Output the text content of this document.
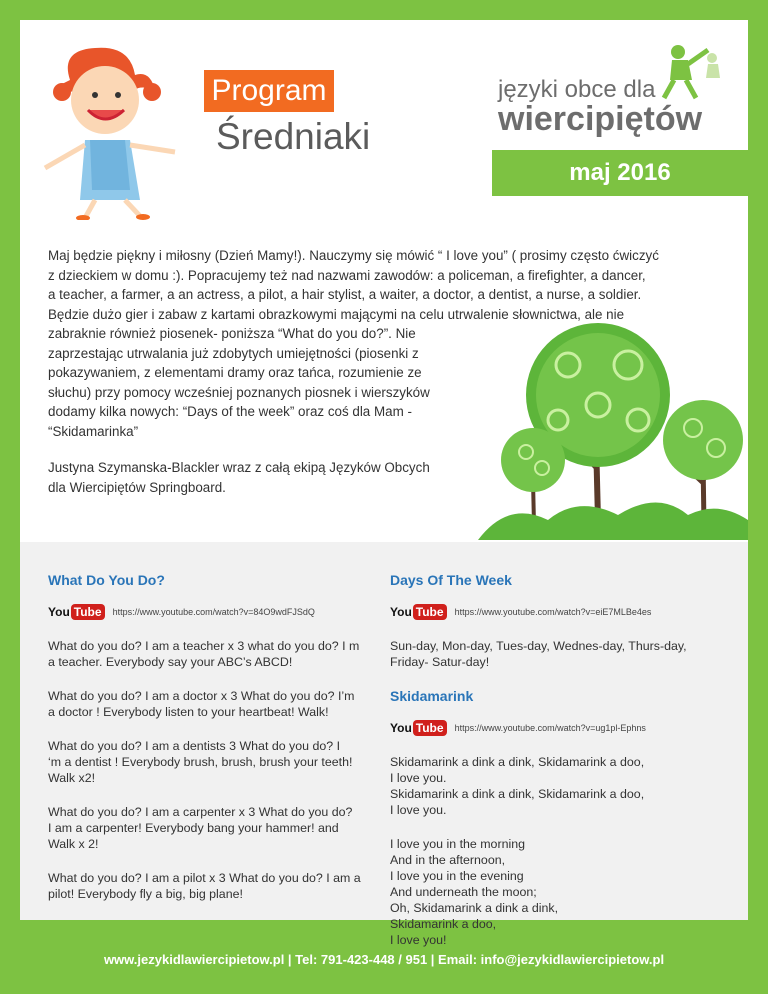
Program
Średniaki
języki obce dla
wiercipiętów
maj 2016

Maj będzie piękny i miłosny (Dzień Mamy!). Nauczymy się mówić “ I love you” ( prosimy często ćwiczyć
z dzieckiem w domu :). Popracujemy też nad nazwami zawodów: a policeman, a firefighter, a dancer,
a teacher, a farmer, a an actress, a pilot, a hair stylist, a waiter, a doctor, a dentist, a nurse, a soldier.
Będzie dużo gier i zabaw z kartami obrazkowymi mającymi na celu utrwalenie słownictwa, ale nie
zabraknie również piosenek- poniższa “What do you do?”. Nie
zaprzestając utrwalania już zdobytych umiejętności (piosenki z
pokazywaniem, z elementami dramy oraz tańca, rozumienie ze
słuchu) przy pomocy wcześniej poznanych piosnek i wierszyków
dodamy kilka nowych: “Days of the week” oraz coś dla Mam -
“Skidamarinka”

Justyna Szymanska-Blackler wraz z całą ekipą Języków Obcych
dla Wiercipiętów Springboard.
What Do You Do?
You Tube	https://www.youtube.com/watch?v=84O9wdFJSdQ
What do you do? I am a teacher x 3 what do you do? I m
a teacher. Everybody say your ABC’s ABCD!
What do you do? I am a doctor x 3 What do you do? I’m
a doctor ! Everybody listen to your heartbeat! Walk!
What do you do? I am a dentists 3 What do you do? I
‘m a dentist ! Everybody brush, brush, brush your teeth!
Walk x2!
What do you do? I am a carpenter x 3 What do you do?
I am a carpenter! Everybody bang your hammer! and
Walk x 2!
What do you do? I am a pilot x 3 What do you do? I am a
pilot! Everybody fly a big, big plane!
Days Of The Week
You Tube	https://www.youtube.com/watch?v=eiE7MLBe4es
Sun-day, Mon-day, Tues-day, Wednes-day, Thurs-day,
Friday- Satur-day!
Skidamarink
You Tube	https://www.youtube.com/watch?v=ug1pl-Ephns
Skidamarink a dink a dink, Skidamarink a doo,
I love you.
Skidamarink a dink a dink, Skidamarink a doo,
I love you.
I love you in the morning
And in the afternoon,
I love you in the evening
And underneath the moon;
Oh, Skidamarink a dink a dink,
Skidamarink a doo,
I love you!
www.jezykidlawiercipietow.pl | Tel: 791-423-448 / 951 | Email: info@jezykidlawiercipietow.pl
